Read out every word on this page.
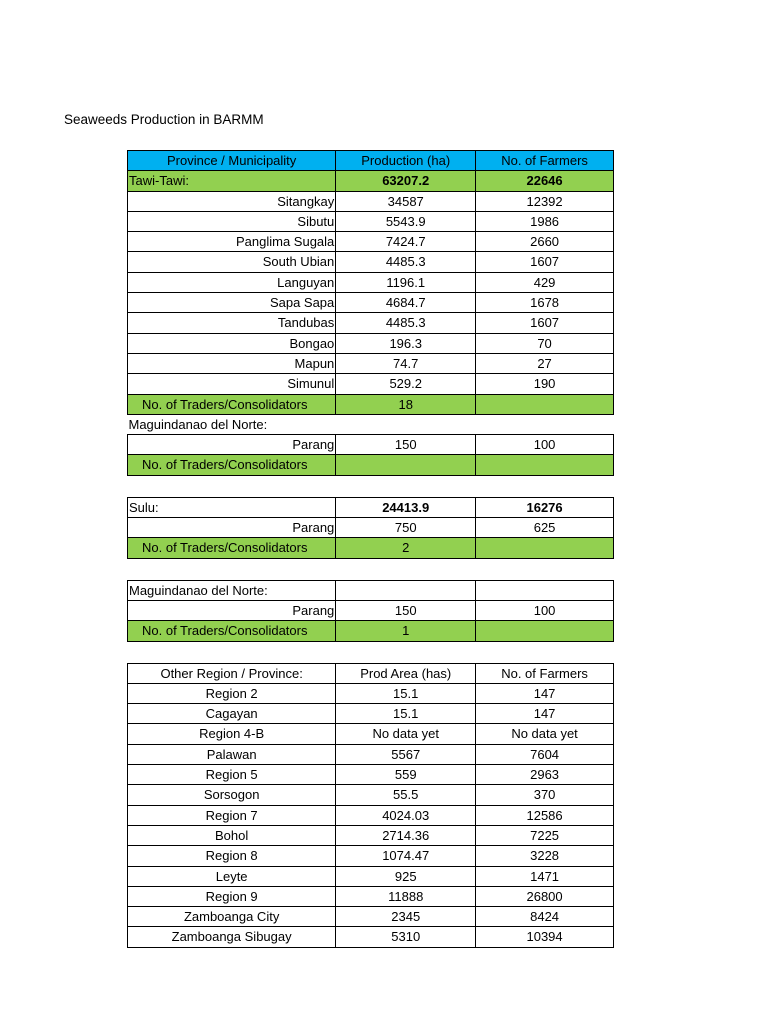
Seaweeds Production in BARMM
Province / Municipality	Production (ha)	No. of Farmers
Tawi-Tawi:	63207.2	22646
Sitangkay	34587	12392
Sibutu	5543.9	1986
Panglima Sugala	7424.7	2660
South Ubian	4485.3	1607
Languyan	1196.1	429
Sapa Sapa	4684.7	1678
Tandubas	4485.3	1607
Bongao	196.3	70
Mapun	74.7	27
Simunul	529.2	190
No. of Traders/Consolidators	18	
Maguindanao del Norte:		
Parang	150	100
No. of Traders/Consolidators		
Sulu:	24413.9	16276
Parang	750	625
No. of Traders/Consolidators	2	
Maguindanao del Norte:		
Parang	150	100
No. of Traders/Consolidators	1	
Other Region / Province:	Prod Area (has)	No. of Farmers
Region 2	15.1	147
Cagayan	15.1	147
Region 4-B	No data yet	No data yet
Palawan	5567	7604
Region 5	559	2963
Sorsogon	55.5	370
Region 7	4024.03	12586
Bohol	2714.36	7225
Region 8	1074.47	3228
Leyte	925	1471
Region 9	11888	26800
Zamboanga City	2345	8424
Zamboanga Sibugay	5310	10394
